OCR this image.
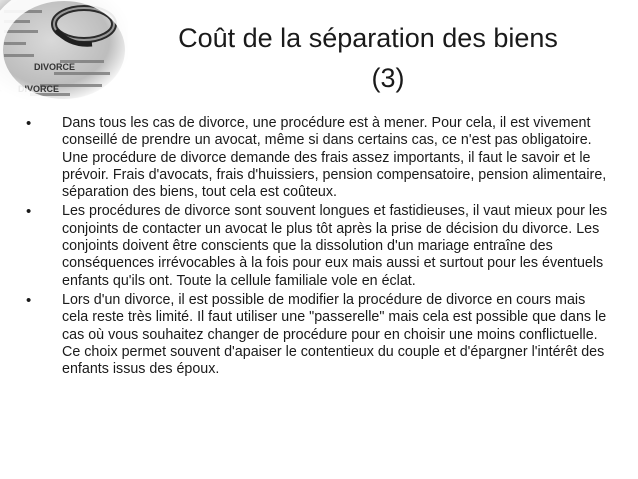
DIVORCE
DIVORCE
Coût de la séparation des biens
(3)
• Dans tous les cas de divorce, une procédure est à mener. Pour cela, il est vivement conseillé de prendre un avocat, même si dans certains cas, ce n'est pas obligatoire. Une procédure de divorce demande des frais assez importants, il faut le savoir et le prévoir. Frais d'avocats, frais d'huissiers, pension compensatoire, pension alimentaire, séparation des biens, tout cela est coûteux.
• Les procédures de divorce sont souvent longues et fastidieuses, il vaut mieux pour les conjoints de contacter un avocat le plus tôt après la prise de décision du divorce. Les conjoints doivent être conscients que la dissolution d'un mariage entraîne des conséquences irrévocables à la fois pour eux mais aussi et surtout pour les éventuels enfants qu'ils ont. Toute la cellule familiale vole en éclat.
• Lors d'un divorce, il est possible de modifier la procédure de divorce en cours mais cela reste très limité. Il faut utiliser une "passerelle" mais cela est possible que dans le cas où vous souhaitez changer de procédure pour en choisir une moins conflictuelle. Ce choix permet souvent d'apaiser le contentieux du couple et d'épargner l'intérêt des enfants issus des époux.
